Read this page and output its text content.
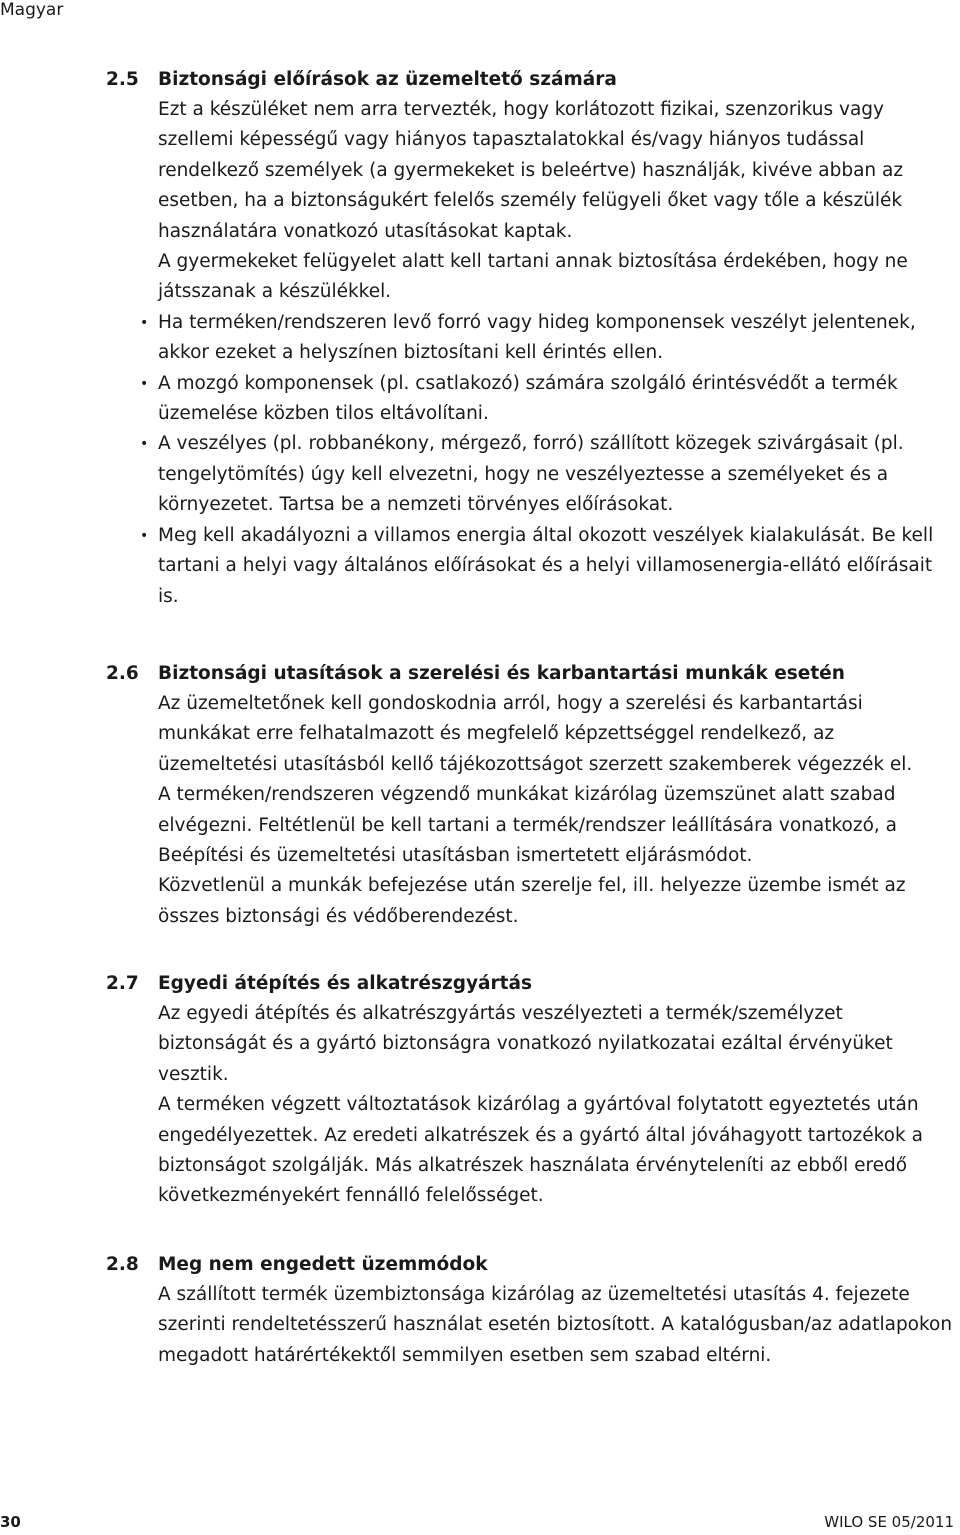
Magyar
2.5	Biztonsági előírások az üzemeltető számára

Ezt a készüléket nem arra tervezték, hogy korlátozott fizikai, szenzorikus vagy szellemi képességű vagy hiányos tapasztalatokkal és/vagy hiányos tudással rendelkező személyek (a gyermekeket is beleértve) használják, kivéve abban az esetben, ha a biztonságukért felelős személy felügyeli őket vagy tőle a készülék használatára vonatkozó utasításokat kaptak.

A gyermekeket felügyelet alatt kell tartani annak biztosítása érdekében, hogy ne játsszanak a készülékkel.

• Ha terméken/rendszeren levő forró vagy hideg komponensek veszélyt jelentenek, akkor ezeket a helyszínen biztosítani kell érintés ellen.
• A mozgó komponensek (pl. csatlakozó) számára szolgáló érintésvédőt a termék üzemelése közben tilos eltávolítani.
• A veszélyes (pl. robbanékony, mérgező, forró) szállított közegek szivárgásait (pl. tengelytömítés) úgy kell elvezetni, hogy ne veszélyeztesse a személyeket és a környezetet. Tartsa be a nemzeti törvényes előírásokat.
• Meg kell akadályozni a villamos energia által okozott veszélyek kialakulását. Be kell tartani a helyi vagy általános előírásokat és a helyi villamosenergia-ellátó előírásait is.
2.6	Biztonsági utasítások a szerelési és karbantartási munkák esetén

Az üzemeltetőnek kell gondoskodnia arról, hogy a szerelési és karbantartási munkákat erre felhatalmazott és megfelelő képzettséggel rendelkező, az üzemeltetési utasításból kellő tájékozottságot szerzett szakemberek végezzék el.

A terméken/rendszeren végzendő munkákat kizárólag üzemszünet alatt szabad elvégezni. Feltétlenül be kell tartani a termék/rendszer leállítására vonatkozó, a Beépítési és üzemeltetési utasításban ismertetett eljárásmódot.

Közvetlenül a munkák befejezése után szerelje fel, ill. helyezze üzembe ismét az összes biztonsági és védőberendezést.

2.7	Egyedi átépítés és alkatrészgyártás

Az egyedi átépítés és alkatrészgyártás veszélyezteti a termék/személyzet biztonságát és a gyártó biztonságra vonatkozó nyilatkozatai ezáltal érvényüket vesztik.

A terméken végzett változtatások kizárólag a gyártóval folytatott egyeztetés után engedélyezettek. Az eredeti alkatrészek és a gyártó által jóváhagyott tartozékok a biztonságot szolgálják. Más alkatrészek használata érvényteleníti az ebből eredő következményekért fennálló felelősséget.

2.8	Meg nem engedett üzemmódok

A szállított termék üzembiztonsága kizárólag az üzemeltetési utasítás 4. fejezete szerinti rendeltetésszerű használat esetén biztosított. A katalógusban/az adatlapokon megadott határértékektől semmilyen esetben sem szabad eltérni.

30	WILO SE 05/2011
